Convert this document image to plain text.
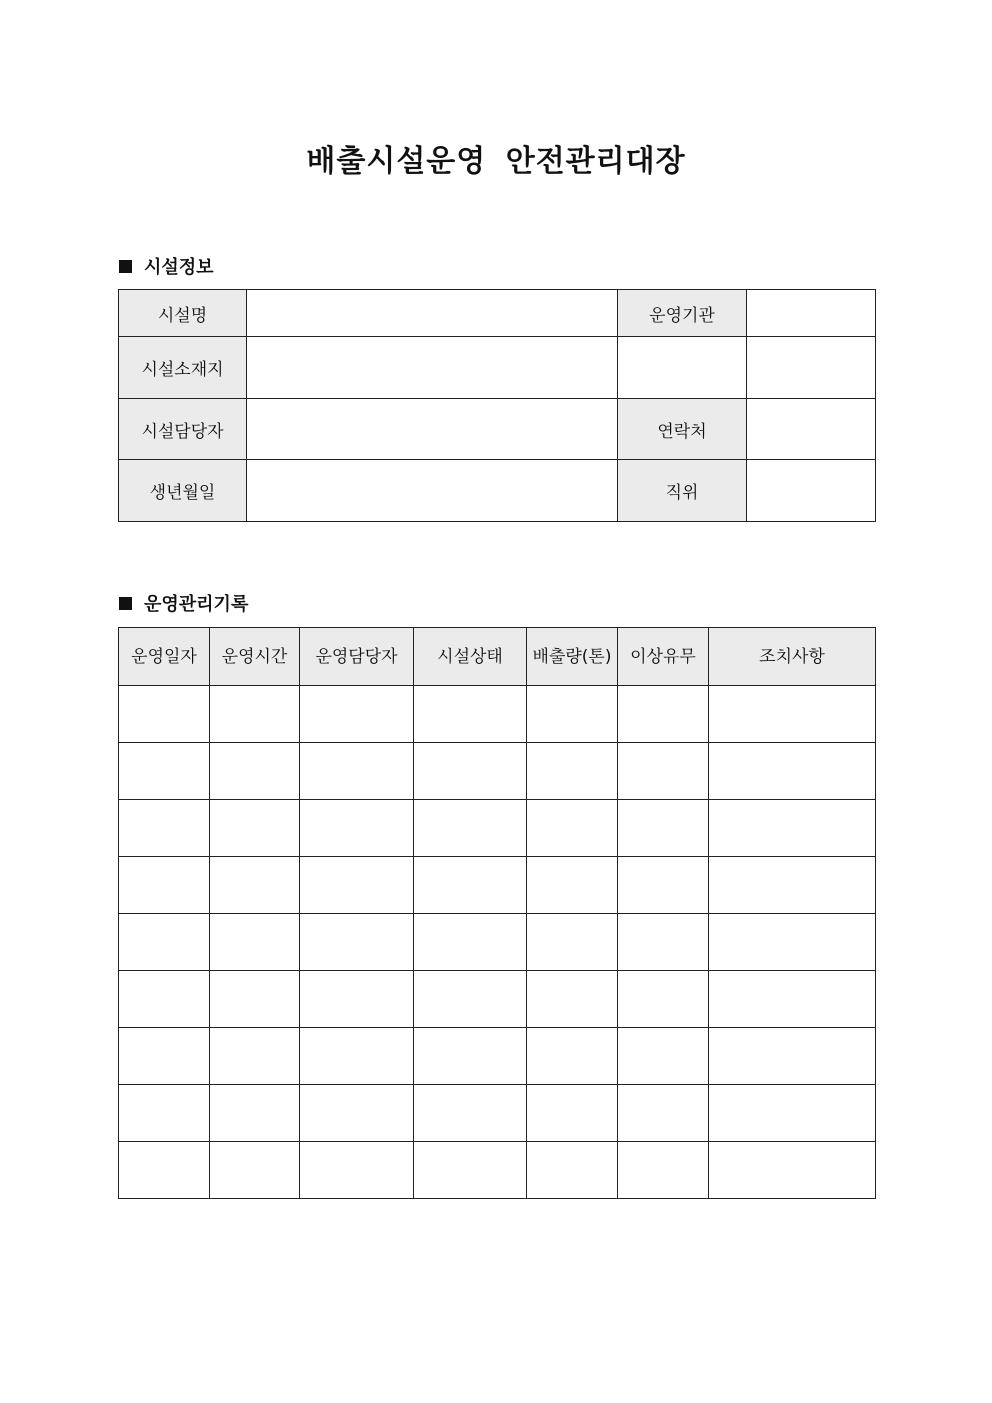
배출시설운영 안전관리대장
시설정보
시설명		운영기관	
시설소재지			
시설담당자		연락처	
생년월일		직위	
운영관리기록
운영일자	운영시간	운영담당자	시설상태	배출량(톤)	이상유무	조치사항
